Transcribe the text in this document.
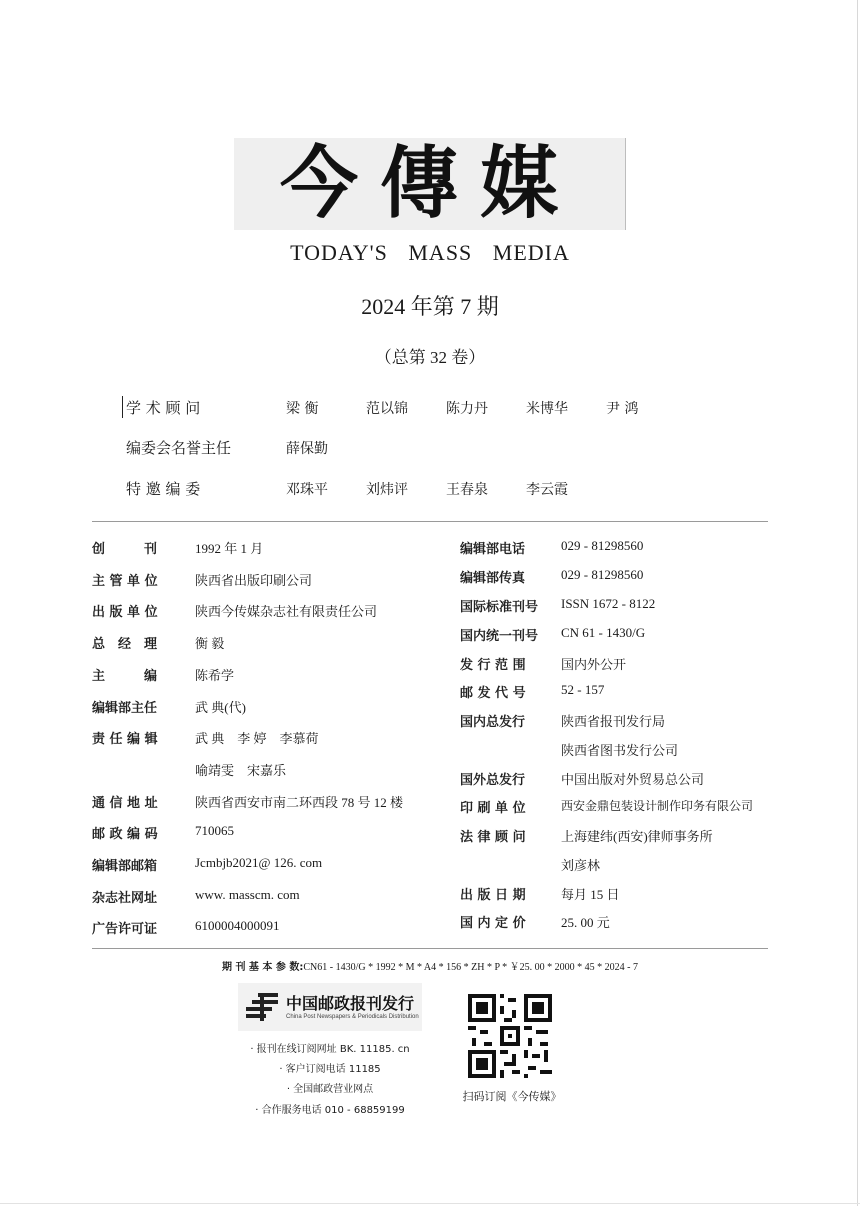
今傳媒
TODAY'S MASS MEDIA
2024 年第 7 期
（总第 32 卷）
学 术 顾 问	梁 衡	范以锦	陈力丹	米博华	尹 鸿
编委会名誉主任	薛保勤
特 邀 编 委	邓珠平	刘炜评	王春泉	李云霞
创　　　刊	1992 年 1 月
主 管 单 位	陕西省出版印刷公司
出 版 单 位	陕西今传媒杂志社有限责任公司
总　经　理	衡 毅
主　　　编	陈希学
编辑部主任	武 典(代)
责 任 编 辑	武 典　李 婷　李慕荷
喻靖雯　宋嘉乐
通 信 地 址	陕西省西安市南二环西段 78 号 12 楼
邮 政 编 码	710065
编辑部邮箱	Jcmbjb2021@ 126. com
杂志社网址	www. masscm. com
广告许可证	6100004000091
编辑部电话	029 - 81298560
编辑部传真	029 - 81298560
国际标准刊号	ISSN 1672 - 8122
国内统一刊号	CN 61 - 1430/G
发 行 范 围	国内外公开
邮 发 代 号	52 - 157
国内总发行	陕西省报刊发行局
陕西省图书发行公司
国外总发行	中国出版对外贸易总公司
印 刷 单 位	西安金鼎包装设计制作印务有限公司
法 律 顾 问	上海建纬(西安)律师事务所
刘彦林
出 版 日 期	每月 15 日
国 内 定 价	25. 00 元
期 刊 基 本 参 数:CN61 - 1430/G * 1992 * M * A4 * 156 * ZH * P * ￥25. 00 * 2000 * 45 * 2024 - 7
中国邮政报刊发行
China Post Newspapers & Periodicals Distribution
· 报刊在线订阅网址 BK. 11185. cn
· 客户订阅电话 11185
· 全国邮政营业网点
· 合作服务电话 010 - 68859199
扫码订阅《今传媒》
